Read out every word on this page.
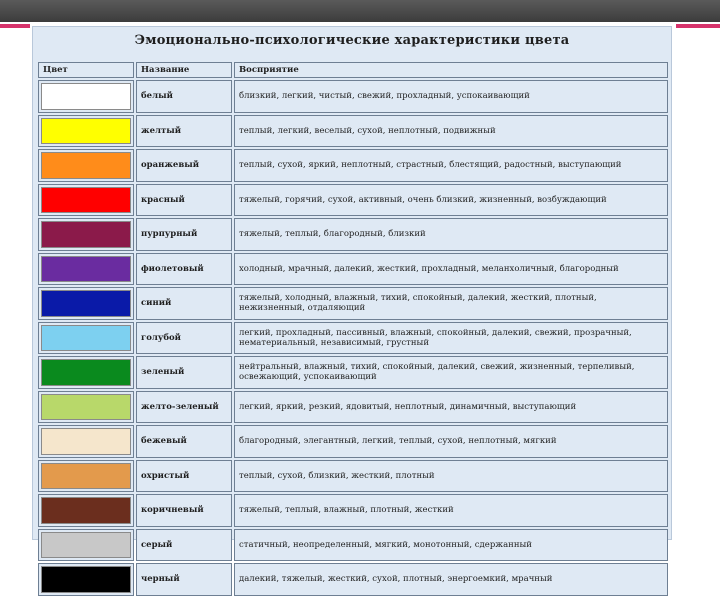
Эмоционально-психологические характеристики цвета
Цвет	Название	Восприятие

	белый	близкий, легкий, чистый, свежий, прохладный, успокаивающий

	желтый	теплый, легкий, веселый, сухой, неплотный, подвижный

	оранжевый	теплый, сухой, яркий, неплотный, страстный, блестящий, радостный, выступающий

	красный	тяжелый, горячий, сухой, активный, очень близкий, жизненный, возбуждающий

	пурпурный	тяжелый, теплый, благородный, близкий

	фиолетовый	холодный, мрачный, далекий, жесткий, прохладный, меланхоличный, благородный

	синий	тяжелый, холодный, влажный, тихий, спокойный, далекий, жесткий, плотный, нежизненный, отдаляющий

	голубой	легкий, прохладный, пассивный, влажный, спокойный, далекий, свежий, прозрачный, нематериальный, независимый, грустный

	зеленый	нейтральный, влажный, тихий, спокойный, далекий, свежий, жизненный, терпеливый, освежающий, успокаивающий

	желто-зеленый	легкий, яркий, резкий, ядовитый, неплотный, динамичный, выступающий

	бежевый	благородный, элегантный, легкий, теплый, сухой, неплотный, мягкий

	охристый	теплый, сухой, близкий, жесткий, плотный

	коричневый	тяжелый, теплый, влажный, плотный, жесткий

	серый	статичный, неопределенный, мягкий, монотонный, сдержанный

	черный	далекий, тяжелый, жесткий, сухой, плотный, энергоемкий, мрачный
